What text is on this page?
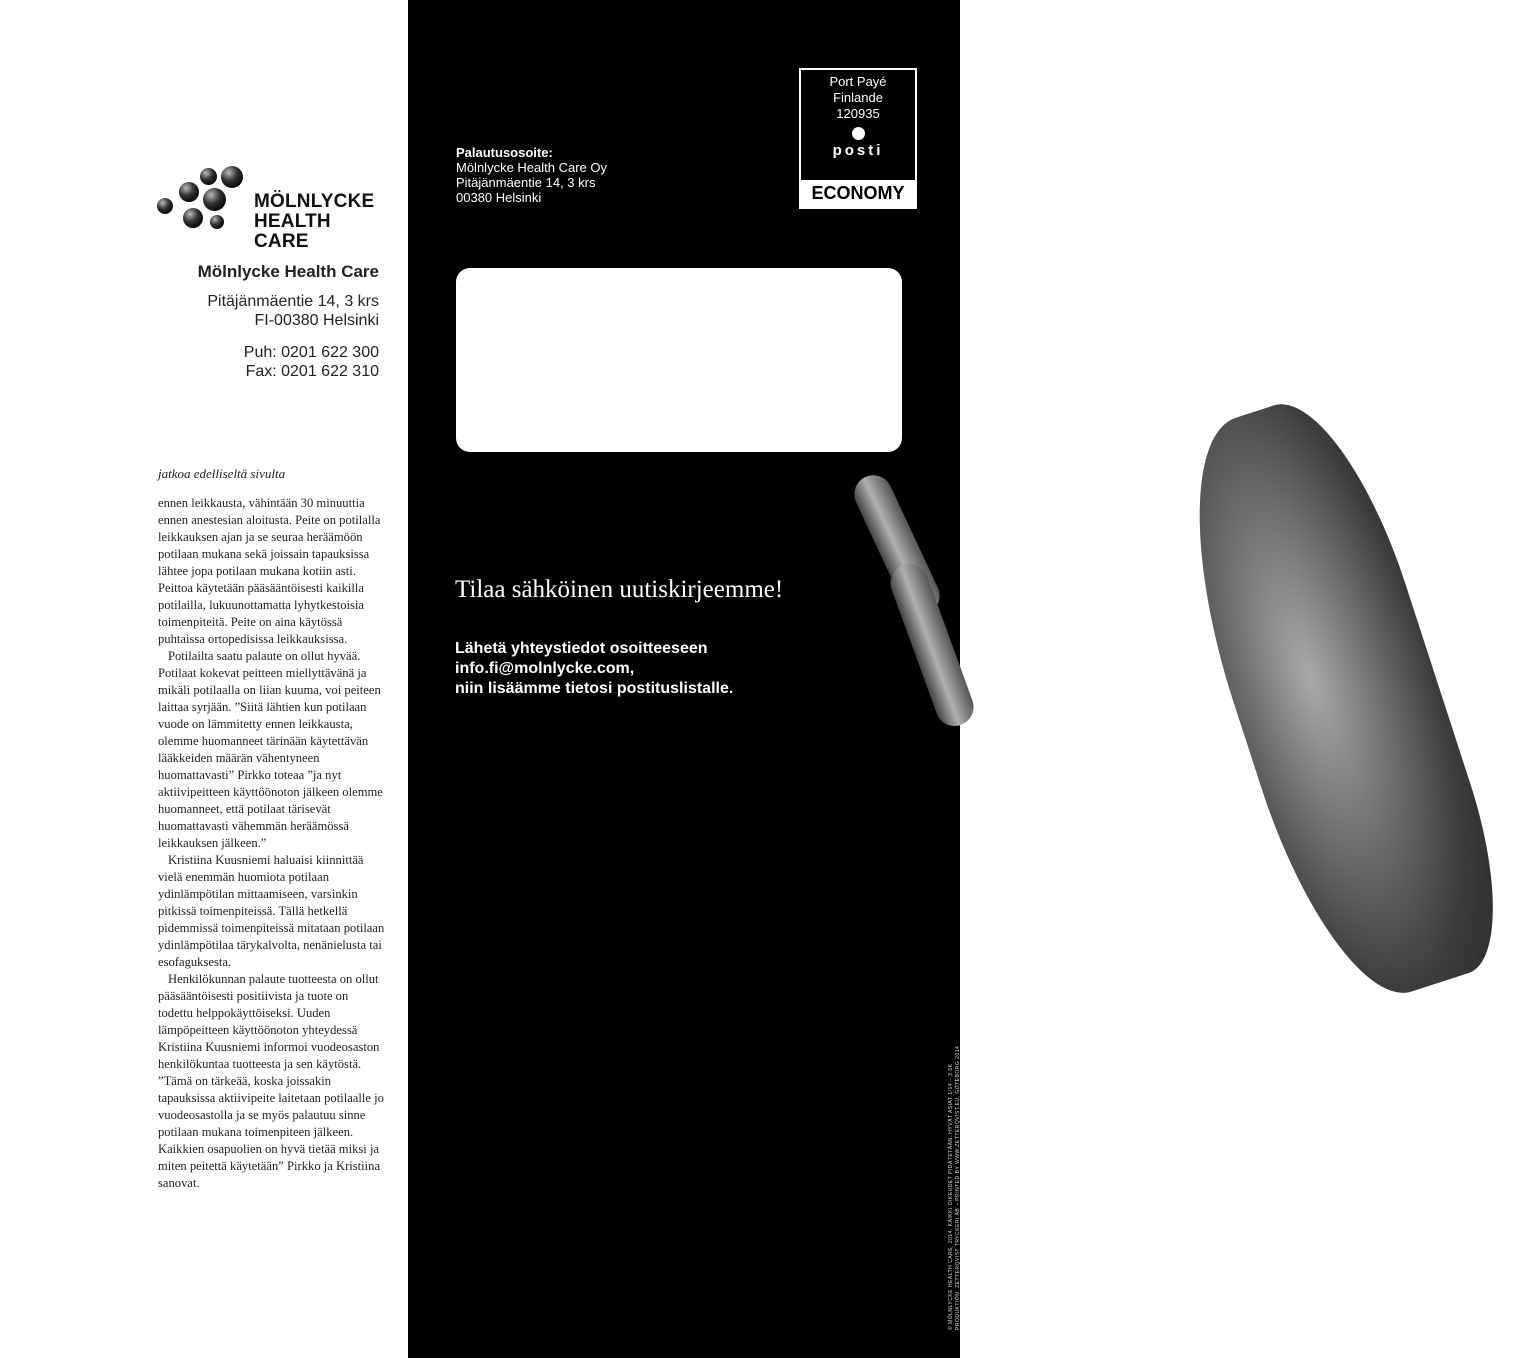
MÖLNLYCKE
HEALTH CARE
Palautusosoite:
Mölnlycke Health Care Oy
Pitäjänmäentie 14, 3 krs
00380 Helsinki
Port Payé
Finlande
120935
posti
ECONOMY
Mölnlycke Health Care
Pitäjänmäentie 14, 3 krs
FI-00380 Helsinki
Puh: 0201 622 300
Fax: 0201 622 310
jatkoa edelliseltä sivulta

ennen leikkausta, vähintään 30 minuuttia ennen anestesian aloitusta. Peite on potilalla leikkauksen ajan ja se seuraa heräämöön potilaan mukana sekä joissain tapauksissa lähtee jopa potilaan mukana kotiin asti. Peittoa käytetään pääsääntöisesti kaikilla potilailla, lukuunottamatta lyhytkestoisia toimenpiteitä. Peite on aina käytössä puhtaissa ortopedisissa leikkauksissa.

Potilailta saatu palaute on ollut hyvää. Potilaat kokevat peitteen miellyttävänä ja mikäli potilaalla on liian kuuma, voi peiteen laittaa syrjään. ”Siitä lähtien kun potilaan vuode on lämmitetty ennen leikkausta, olemme huomanneet tärinään käytettävän lääkkeiden määrän vähentyneen huomattavasti” Pirkko toteaa ”ja nyt aktiivipeitteen käyttöönoton jälkeen olemme huomanneet, että potilaat tärisevät huomattavasti vähemmän heräämössä leikkauksen jälkeen.”

Kristiina Kuusniemi haluaisi kiinnittää vielä enemmän huomiota potilaan ydinlämpötilan mittaamiseen, varsinkin pitkissä toimenpiteissä. Tällä hetkellä pidemmissä toimenpiteissä mitataan potilaan ydinlämpötilaa tärykalvolta, nenänielusta tai esofaguksesta.

Henkilökunnan palaute tuotteesta on ollut pääsääntöisesti positiivista ja tuote on todettu helppokäyttöiseksi. Uuden lämpöpeitteen käyttöönoton yhteydessä Kristiina Kuusniemi informoi vuodeosaston henkilökuntaa tuotteesta ja sen käytöstä. ”Tämä on tärkeää, koska joissakin tapauksissa aktiivipeite laitetaan potilaalle jo vuodeosastolla ja se myös palautuu sinne potilaan mukana toimenpiteen jälkeen. Kaikkien osapuolien on hyvä tietää miksi ja miten peitettä käytetään” Pirkko ja Kristiina sanovat.

Tilaa sähköinen uutiskirjeemme!
Lähetä yhteystiedot osoitteeseen
info.fi@molnlycke.com,
niin lisäämme tietosi postituslistalle.
© MÖLNLYCKE HEALTH CARE, 2014. KAIKKI OIKEUDET PIDÄTETÄÄN. HYVÄT ASIAT 1/14 – 3.5K PRODUKTION: ZETTERQVIST TRYCKERI AB – PRINTED BY WWW.ZETTERQVIST.EU, GÖTEBORG 2014
